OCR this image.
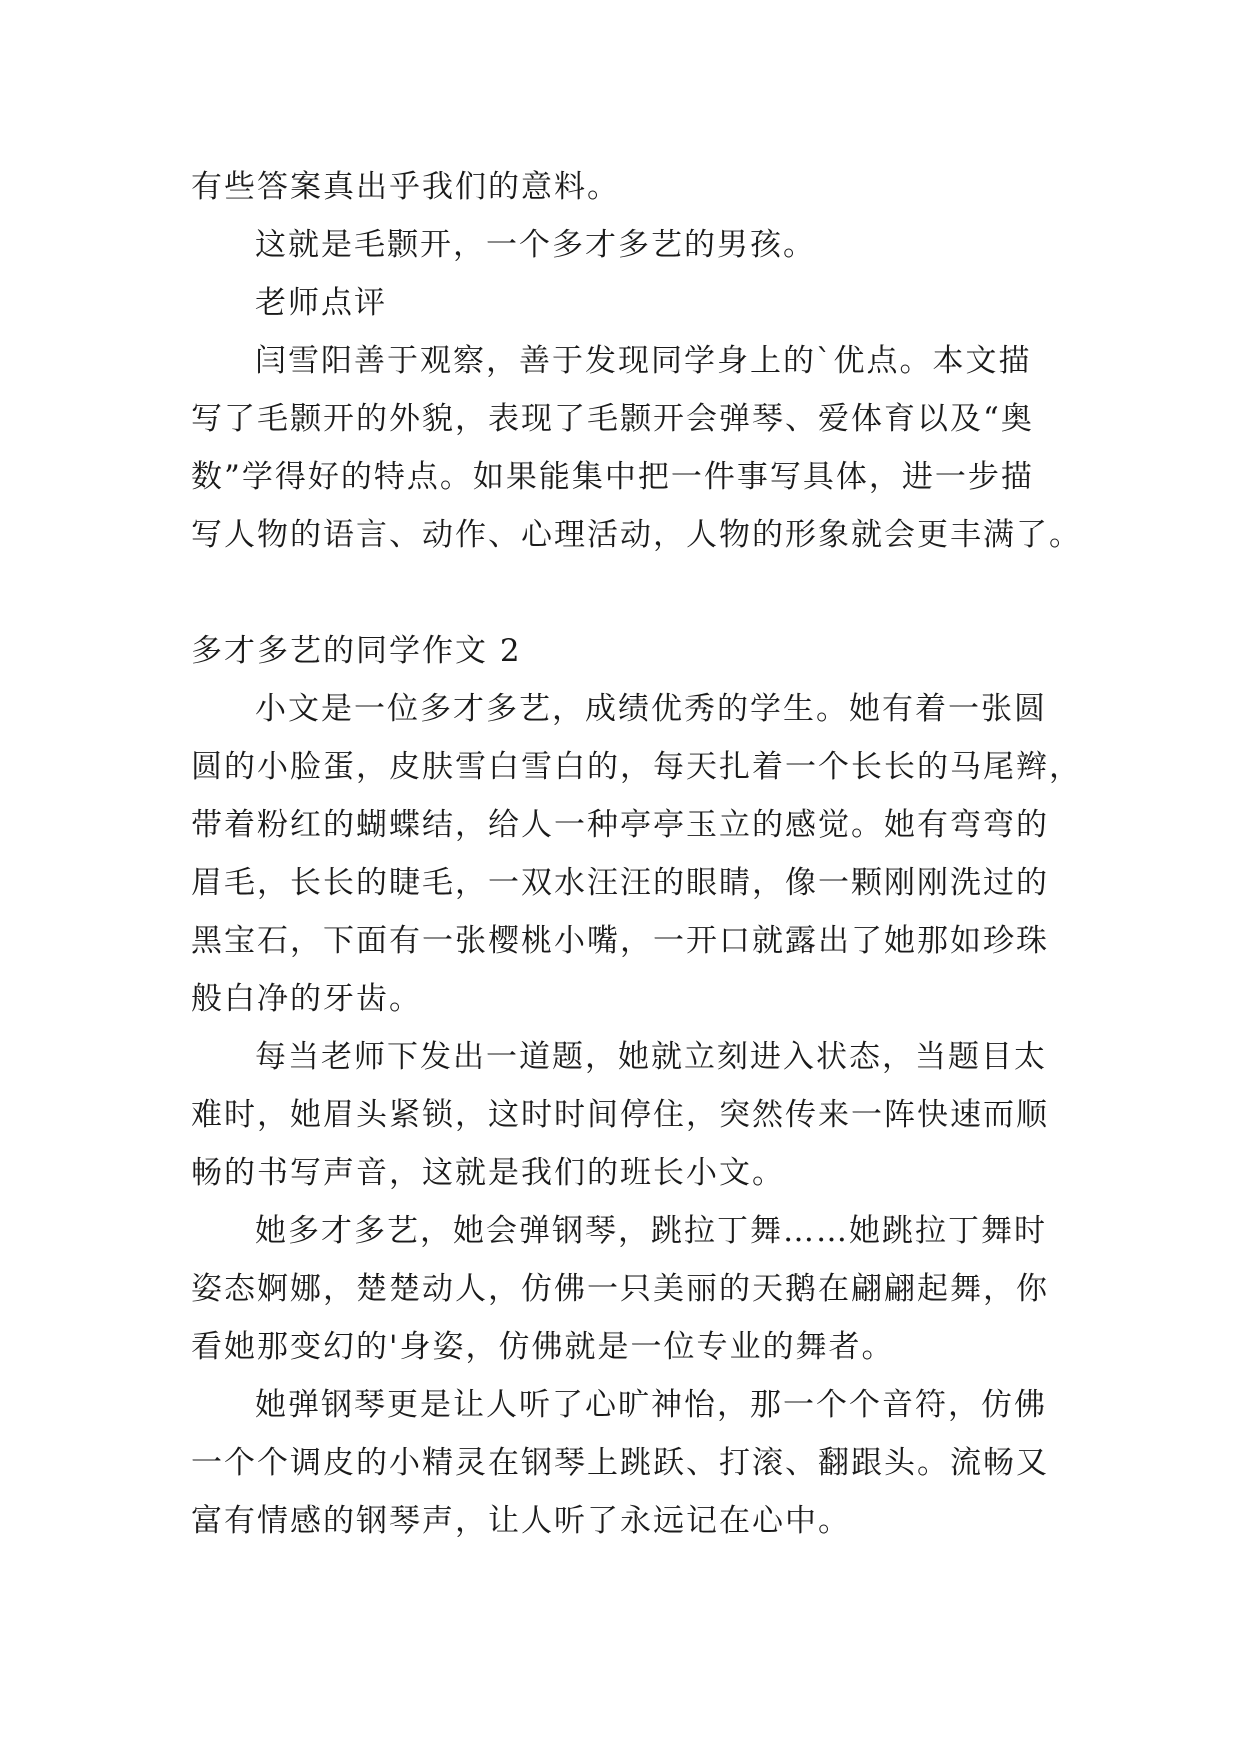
有些答案真出乎我们的意料。
这就是毛颢开，一个多才多艺的男孩。
老师点评
闫雪阳善于观察，善于发现同学身上的`优点。本文描
写了毛颢开的外貌，表现了毛颢开会弹琴、爱体育以及“奥
数”学得好的特点。如果能集中把一件事写具体，进一步描
写人物的语言、动作、心理活动，人物的形象就会更丰满了。
多才多艺的同学作文 2
小文是一位多才多艺，成绩优秀的学生。她有着一张圆
圆的小脸蛋，皮肤雪白雪白的，每天扎着一个长长的马尾辫，
带着粉红的蝴蝶结，给人一种亭亭玉立的感觉。她有弯弯的
眉毛，长长的睫毛，一双水汪汪的眼睛，像一颗刚刚洗过的
黑宝石，下面有一张樱桃小嘴，一开口就露出了她那如珍珠
般白净的牙齿。
每当老师下发出一道题，她就立刻进入状态，当题目太
难时，她眉头紧锁，这时时间停住，突然传来一阵快速而顺
畅的书写声音，这就是我们的班长小文。
她多才多艺，她会弹钢琴，跳拉丁舞……她跳拉丁舞时
姿态婀娜，楚楚动人，仿佛一只美丽的天鹅在翩翩起舞，你
看她那变幻的'身姿，仿佛就是一位专业的舞者。
她弹钢琴更是让人听了心旷神怡，那一个个音符，仿佛
一个个调皮的小精灵在钢琴上跳跃、打滚、翻跟头。流畅又
富有情感的钢琴声，让人听了永远记在心中。
